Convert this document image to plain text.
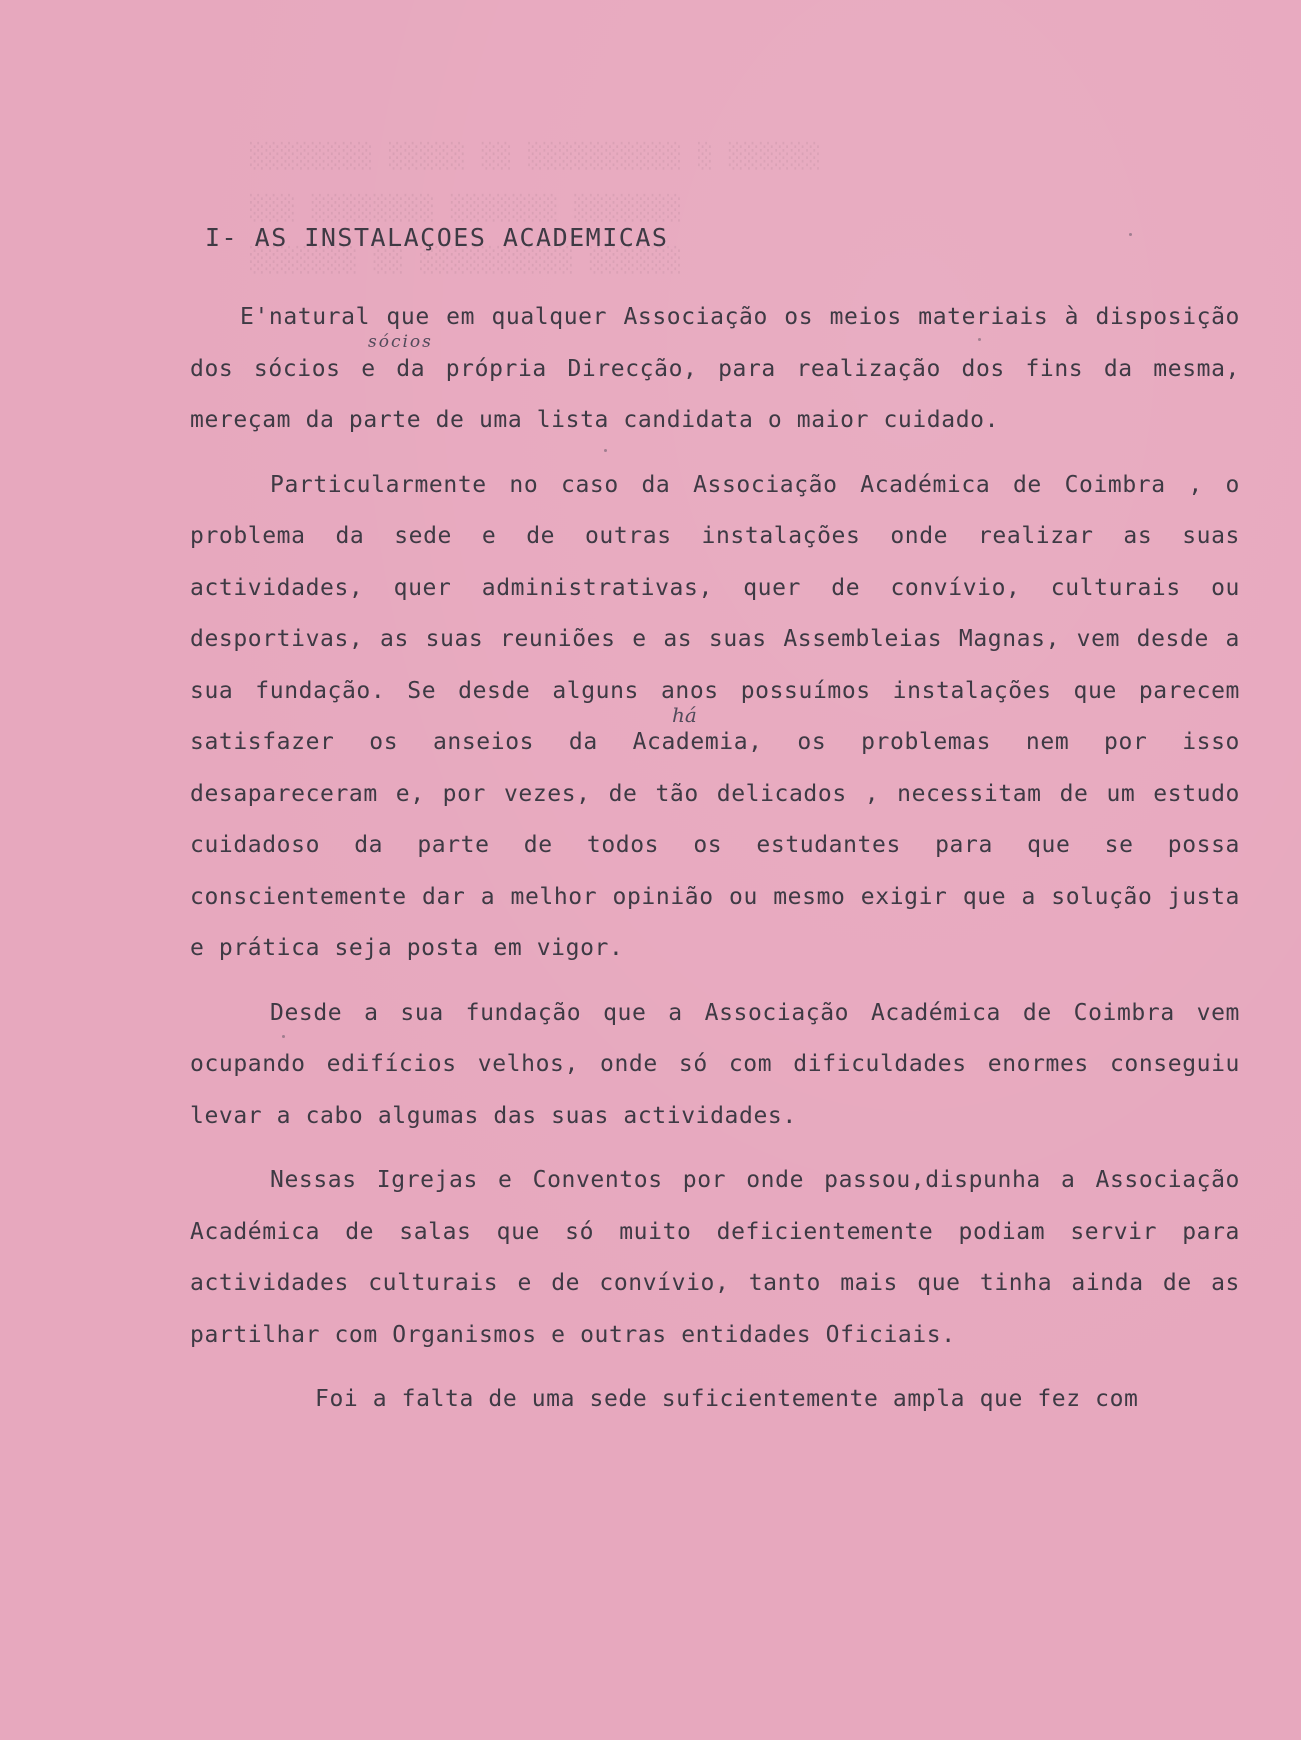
░░░░░░░░ ░░░░░ ░░ ░░░░░░░░░░ ░ ░░░░░░
░░░ ░░░░░░░░ ░░░░░░░ ░░░░░░░
░░░░░░░ ░░ ░░░░░░░░░░ ░░░░░░
I- AS INSTALAÇOES ACADEMICAS
sócios
há

E'natural que em qualquer Associação os meios materiais à disposição dos sócios e da própria Direcção, para realização dos fins da mesma, mereçam da parte de uma lista candidata o maior cuidado.

Particularmente no caso da Associação Académica de Coimbra , o problema da sede e de outras instalações onde realizar as suas actividades, quer administrativas, quer de convívio, culturais ou desportivas, as suas reuniões e as suas Assembleias Magnas, vem desde a sua fundação. Se desde alguns anos possuímos instalações que parecem satisfazer os anseios da Academia, os problemas nem por isso desapareceram e, por vezes, de tão delicados , necessitam de um estudo cuidadoso da parte de todos os estudantes para que se possa conscientemente dar a melhor opinião ou mesmo exigir que a solução justa e prática seja posta em vigor.

Desde a sua fundação que a Associação Académica de Coimbra vem ocupando edifícios velhos, onde só com dificuldades enormes conseguiu levar a cabo algumas das suas actividades.

Nessas Igrejas e Conventos por onde passou,dispunha a Associação Académica de salas que só muito deficientemente podiam servir para actividades culturais e de convívio, tanto mais que tinha ainda de as partilhar com Organismos e outras entidades Oficiais.

Foi a falta de uma sede suficientemente ampla que fez com
